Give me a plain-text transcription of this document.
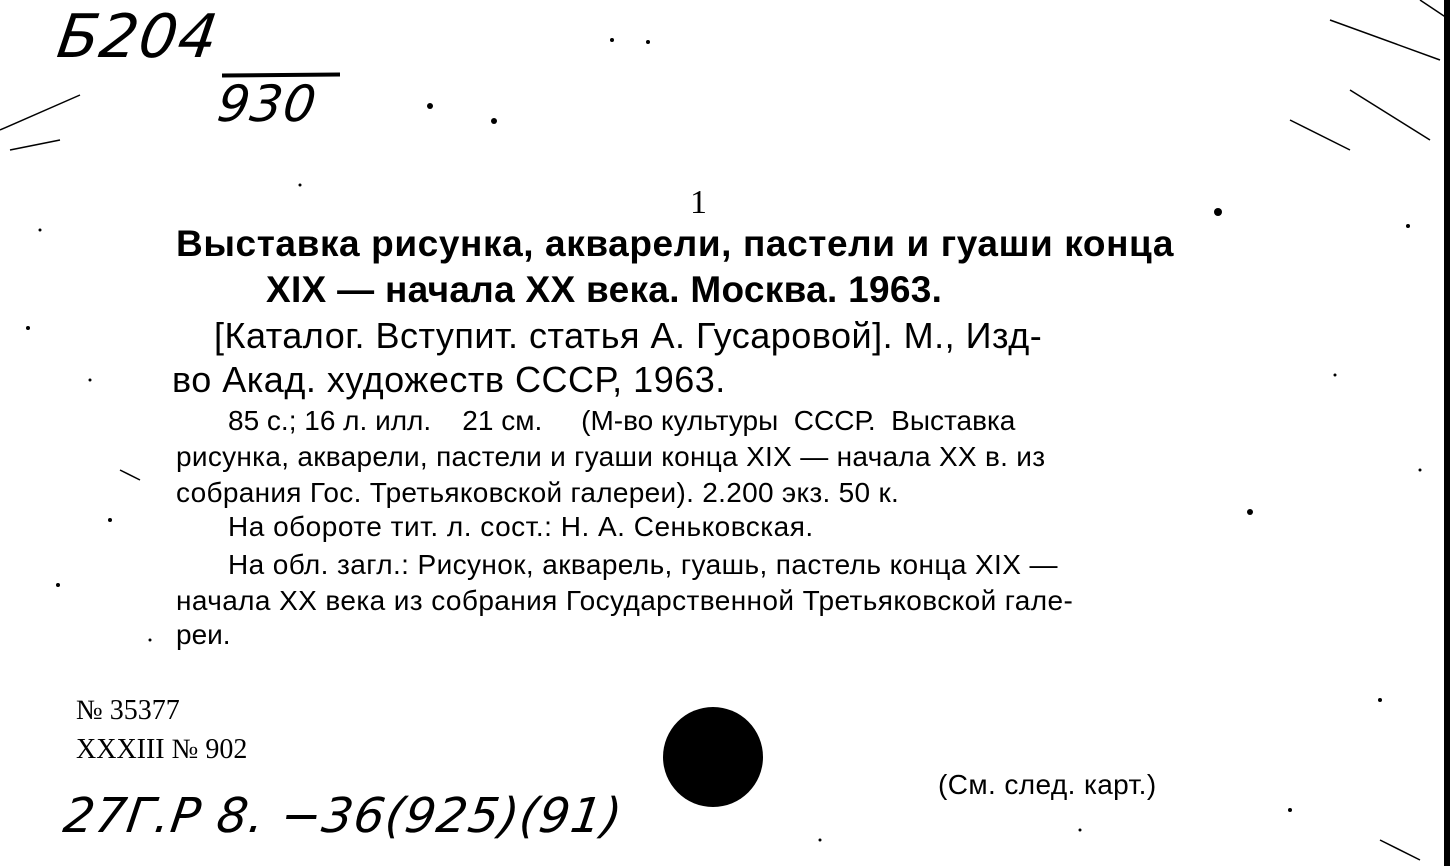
Б204
930
1
Выставка рисунка, акварели, пастели и гуаши конца
XIX — начала XX века. Москва. 1963.
[Каталог. Вступит. статья А. Гусаровой]. М., Изд-
во Акад. художеств СССР, 1963.
85 с.; 16 л. илл.    21 см.     (М-во культуры  СССР.  Выставка
рисунка, акварели, пастели и гуаши конца XIX — начала XX в. из
собрания Гос. Третьяковской галереи). 2.200 экз. 50 к.
На обороте тит. л. сост.: Н. А. Сеньковская.
На обл. загл.: Рисунок, акварель, гуашь, пастель конца XIX —
начала XX века из собрания Государственной Третьяковской гале-
реи.
№ 35377
XXXIII № 902
27Г.Р 8. −36(925)(91)
(См. след. карт.)
